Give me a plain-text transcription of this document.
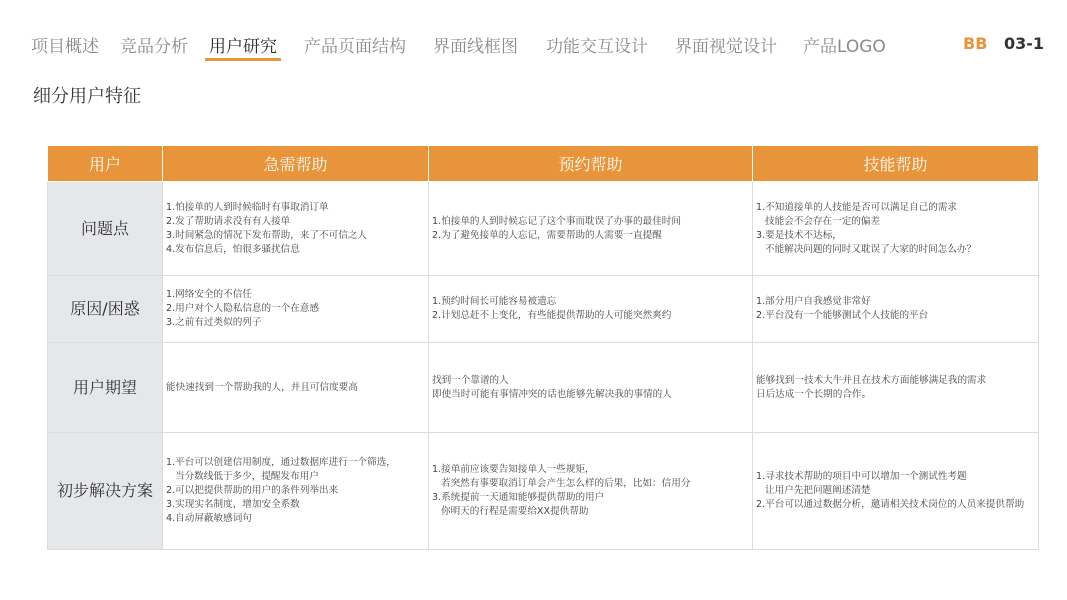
项目概述 竞品分析 用户研究 产品页面结构 界面线框图 功能交互设计 界面视觉设计 产品LOGO	BB 03-1
细分用户特征
用户	急需帮助	预约帮助	技能帮助
问题点	1.怕接单的人到时候临时有事取消订单
2.发了帮助请求没有有人接单
3.时间紧急的情况下发布帮助，来了不可信之人
4.发布信息后，怕很多骚扰信息	1.怕接单的人到时候忘记了这个事而耽误了办事的最佳时间
2.为了避免接单的人忘记，需要帮助的人需要一直提醒	1.不知道接单的人技能是否可以满足自己的需求
技能会不会存在一定的偏差
3.要是技术不达标，
不能解决问题的同时又耽误了大家的时间怎么办？

原因/困惑	1.网络安全的不信任
2.用户对个人隐私信息的一个在意感
3.之前有过类似的列子	1.预约时间长可能容易被遗忘
2.计划总赶不上变化，有些能提供帮助的人可能突然爽约	1.部分用户自我感觉非常好
2.平台没有一个能够测试个人技能的平台

用户期望	能快速找到一个帮助我的人，并且可信度要高	找到一个靠谱的人
即使当时可能有事情冲突的话也能够先解决我的事情的人	能够找到一技术大牛并且在技术方面能够满足我的需求
日后达成一个长期的合作。

初步解决方案	1.平台可以创建信用制度，通过数据库进行一个筛选，
当分数线低于多少，提醒发布用户
2.可以把提供帮助的用户的条件列举出来
3.实现实名制度，增加安全系数
4.自动屏蔽敏感词句	1.接单前应该要告知接单人一些规矩，
若突然有事要取消订单会产生怎么样的后果，比如：信用分
3.系统提前一天通知能够提供帮助的用户
你明天的行程是需要给XX提供帮助	1.寻求技术帮助的项目中可以增加一个测试性考题
让用户先把问题阐述清楚
2.平台可以通过数据分析，邀请相关技术岗位的人员来提供帮助
